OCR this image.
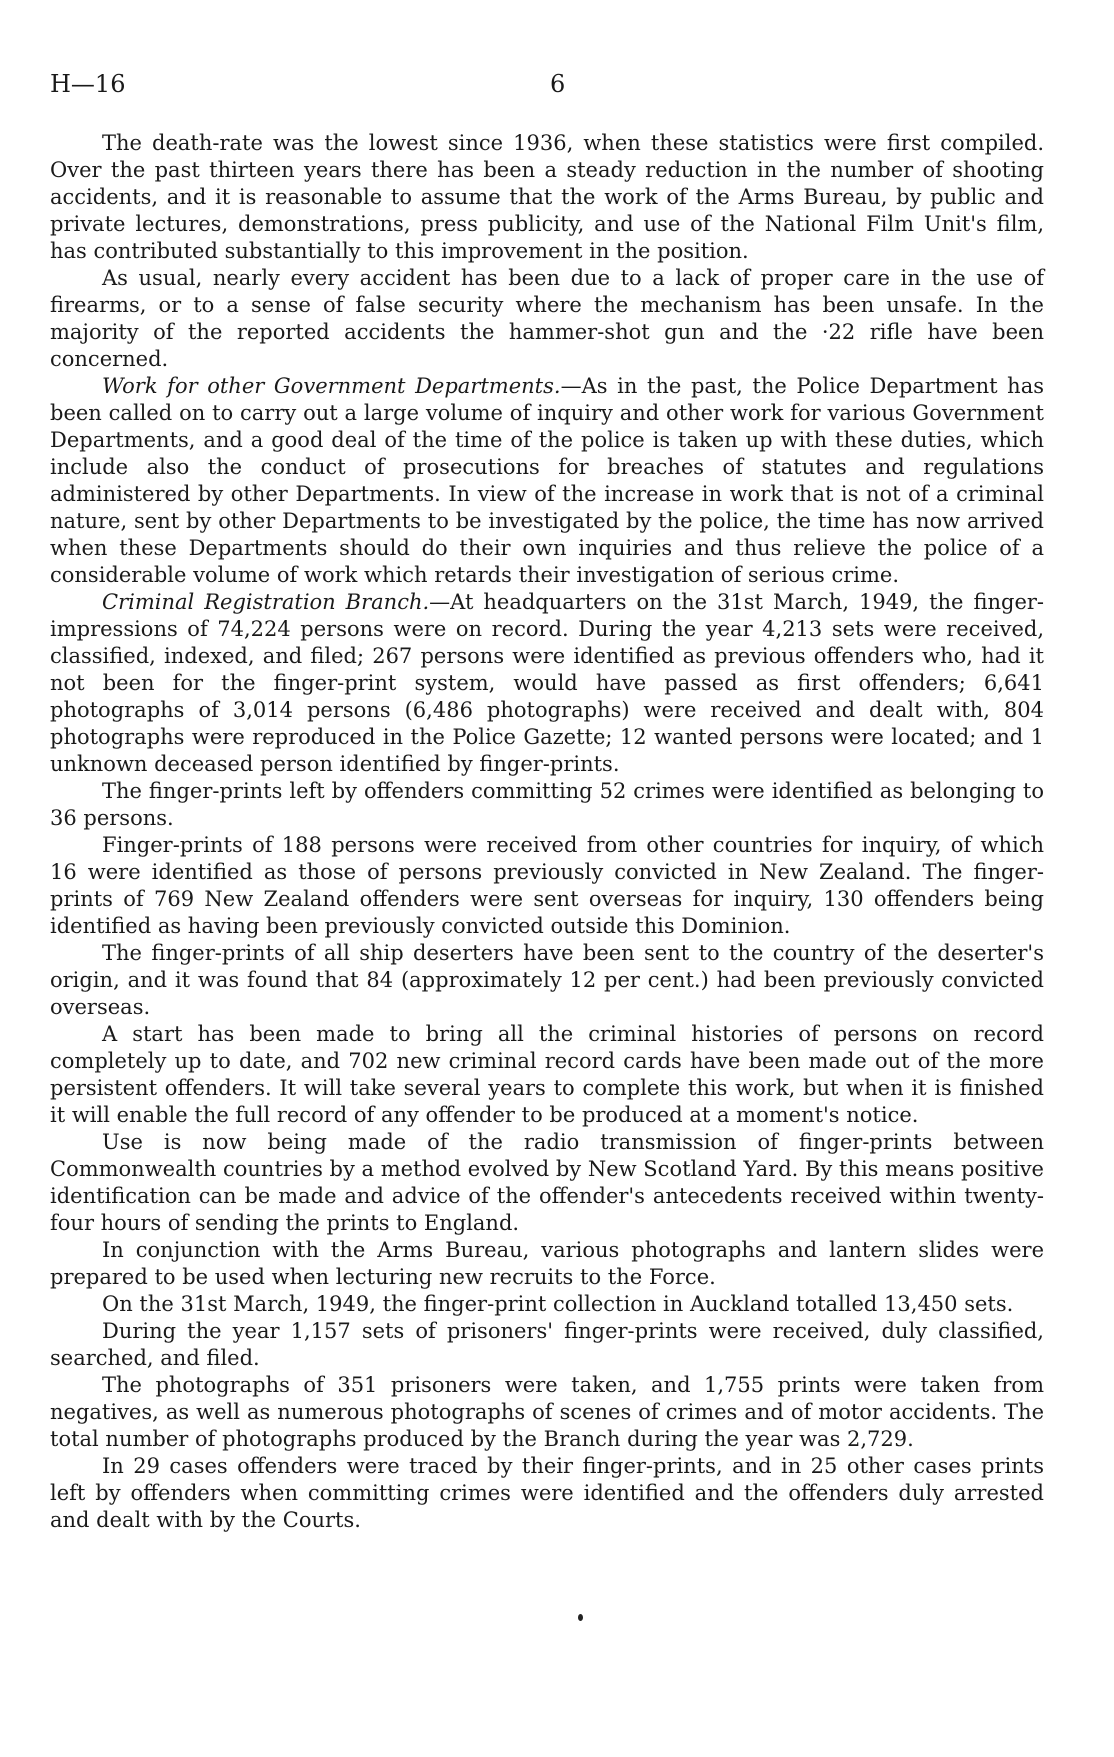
H—16	6

The death-rate was the lowest since 1936, when these statistics were first compiled. Over the past thirteen years there has been a steady reduction in the number of shooting accidents, and it is reasonable to assume that the work of the Arms Bureau, by public and private lectures, demonstrations, press publicity, and use of the National Film Unit's film, has contributed substantially to this improvement in the position.

As usual, nearly every accident has been due to a lack of proper care in the use of firearms, or to a sense of false security where the mechanism has been unsafe. In the majority of the reported accidents the hammer-shot gun and the ·22 rifle have been concerned.

Work for other Government Departments.—As in the past, the Police Department has been called on to carry out a large volume of inquiry and other work for various Government Departments, and a good deal of the time of the police is taken up with these duties, which include also the conduct of prosecutions for breaches of statutes and regulations administered by other Departments. In view of the increase in work that is not of a criminal nature, sent by other Departments to be investigated by the police, the time has now arrived when these Departments should do their own inquiries and thus relieve the police of a considerable volume of work which retards their investigation of serious crime.

Criminal Registration Branch.—At headquarters on the 31st March, 1949, the finger-impressions of 74,224 persons were on record. During the year 4,213 sets were received, classified, indexed, and filed; 267 persons were identified as previous offenders who, had it not been for the finger-print system, would have passed as first offenders; 6,641 photographs of 3,014 persons (6,486 photographs) were received and dealt with, 804 photographs were reproduced in the Police Gazette; 12 wanted persons were located; and 1 unknown deceased person identified by finger-prints.

The finger-prints left by offenders committing 52 crimes were identified as belonging to 36 persons.

Finger-prints of 188 persons were received from other countries for inquiry, of which 16 were identified as those of persons previously convicted in New Zealand. The finger-prints of 769 New Zealand offenders were sent overseas for inquiry, 130 offenders being identified as having been previously convicted outside this Dominion.

The finger-prints of all ship deserters have been sent to the country of the deserter's origin, and it was found that 84 (approximately 12 per cent.) had been previously convicted overseas.

A start has been made to bring all the criminal histories of persons on record completely up to date, and 702 new criminal record cards have been made out of the more persistent offenders. It will take several years to complete this work, but when it is finished it will enable the full record of any offender to be produced at a moment's notice.

Use is now being made of the radio transmission of finger-prints between Commonwealth countries by a method evolved by New Scotland Yard. By this means positive identification can be made and advice of the offender's antecedents received within twenty-four hours of sending the prints to England.

In conjunction with the Arms Bureau, various photographs and lantern slides were prepared to be used when lecturing new recruits to the Force.

On the 31st March, 1949, the finger-print collection in Auckland totalled 13,450 sets.

During the year 1,157 sets of prisoners' finger-prints were received, duly classified, searched, and filed.

The photographs of 351 prisoners were taken, and 1,755 prints were taken from negatives, as well as numerous photographs of scenes of crimes and of motor accidents. The total number of photographs produced by the Branch during the year was 2,729.

In 29 cases offenders were traced by their finger-prints, and in 25 other cases prints left by offenders when committing crimes were identified and the offenders duly arrested and dealt with by the Courts.
